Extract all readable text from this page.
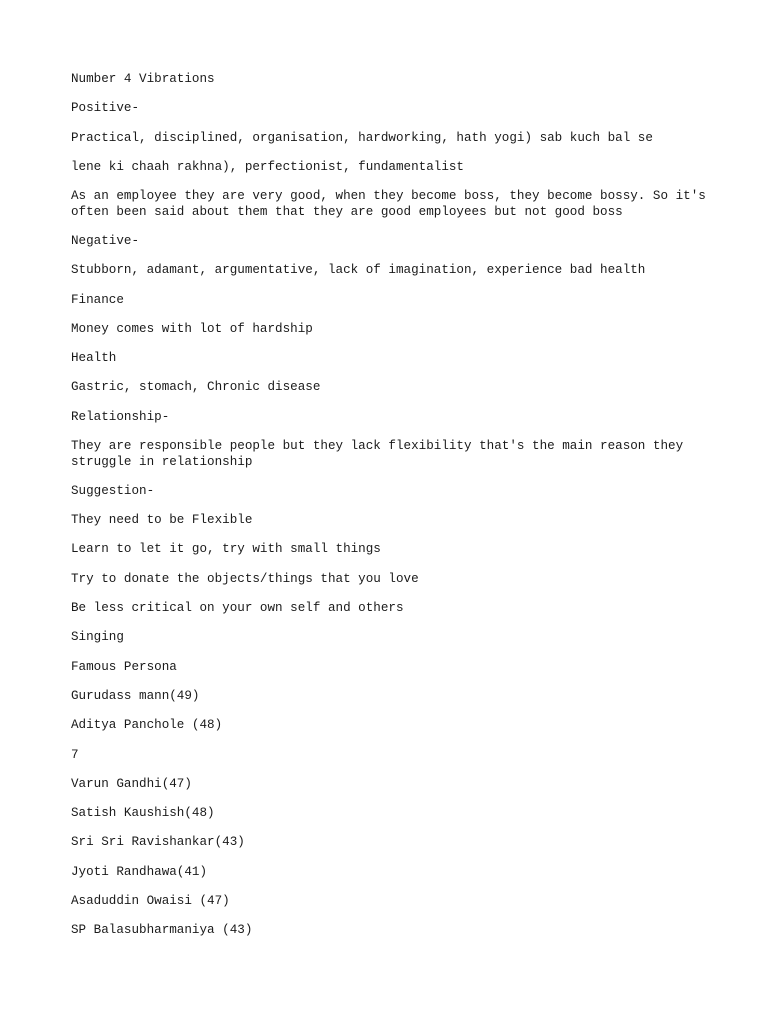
Number 4 Vibrations

Positive-

Practical, disciplined, organisation, hardworking, hath yogi) sab kuch bal se

lene ki chaah rakhna), perfectionist, fundamentalist

As an employee they are very good, when they become boss, they become bossy. So it's often been said about them that they are good employees but not good boss

Negative-

Stubborn, adamant, argumentative, lack of imagination, experience bad health

Finance

Money comes with lot of hardship

Health

Gastric, stomach, Chronic disease

Relationship-

They are responsible people but they lack flexibility that's the main reason they struggle in relationship

Suggestion-

They need to be Flexible

Learn to let it go, try with small things

Try to donate the objects/things that you love

Be less critical on your own self and others

Singing

Famous Persona

Gurudass mann(49)

Aditya Panchole (48)

7

Varun Gandhi(47)

Satish Kaushish(48)

Sri Sri Ravishankar(43)

Jyoti Randhawa(41)

Asaduddin Owaisi (47)

SP Balasubharmaniya (43)
